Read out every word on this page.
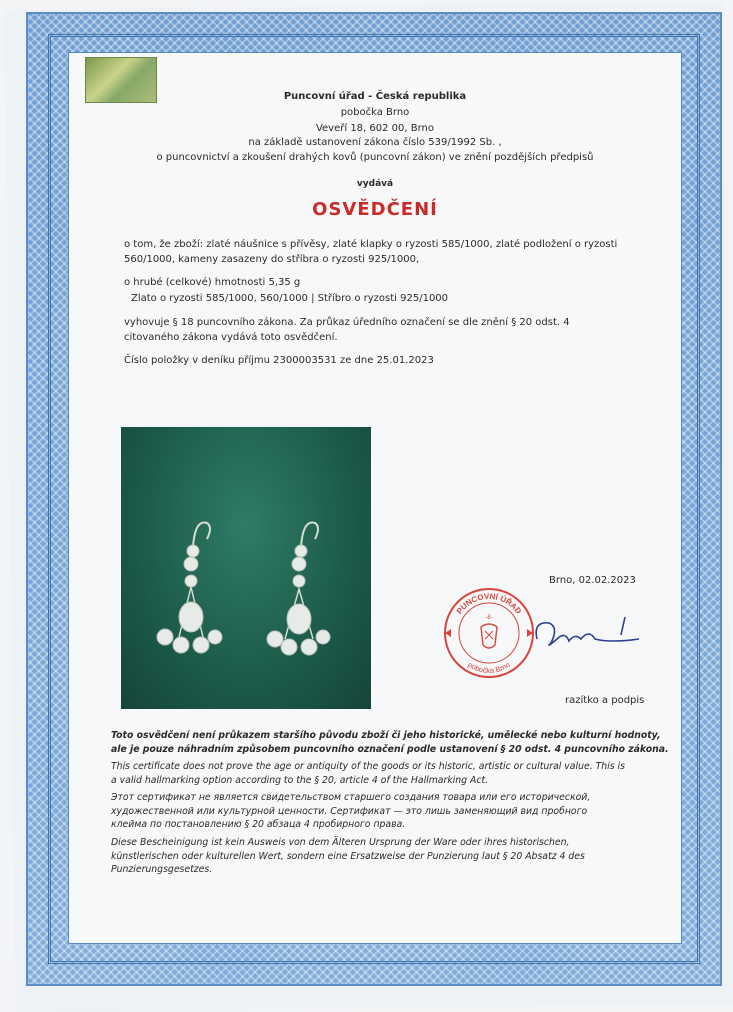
Puncovní úřad - Česká republika
pobočka Brno
Veveří 18, 602 00, Brno
na základě ustanovení zákona číslo 539/1992 Sb. ,
o puncovnictví a zkoušení drahých kovů (puncovní zákon) ve znění pozdějších předpisů
vydává
OSVĚDČENÍ
o tom, že zboží: zlaté náušnice s přívěsy, zlaté klapky o ryzosti 585/1000, zlaté podložení o ryzosti
560/1000, kameny zasazeny do stříbra o ryzosti 925/1000,
o hrubé (celkové) hmotnosti 5,35 g
Zlato o ryzosti 585/1000, 560/1000 | Stříbro o ryzosti 925/1000
vyhovuje § 18 puncovního zákona. Za průkaz úředního označení se dle znění § 20 odst. 4
citovaného zákona vydává toto osvědčení.
Číslo položky v deníku příjmu 2300003531 ze dne 25.01.2023
Brno, 02.02.2023
PUNCOVNÍ ÚŘAD
pobočka Brno
-8-
razítko a podpis
Toto osvědčení není průkazem staršího původu zboží či jeho historické, umělecké nebo kulturní hodnoty,
ale je pouze náhradním způsobem puncovního označení podle ustanovení § 20 odst. 4 puncovního zákona.
This certificate does not prove the age or antiquity of the goods or its historic, artistic or cultural value. This is
a valid hallmarking option according to the § 20, article 4 of the Hallmarking Act.
Этот сертификат не является свидетельством старшего создания товара или его исторической,
художественной или культурной ценности. Сертификат — это лишь заменяющий вид пробного
клейма по постановлению § 20 абзаца 4 пробирного права.
Diese Bescheinigung ist kein Ausweis von dem Älteren Ursprung der Ware oder ihres historischen,
künstlerischen oder kulturellen Wert, sondern eine Ersatzweise der Punzierung laut § 20 Absatz 4 des
Punzierungsgesetzes.
